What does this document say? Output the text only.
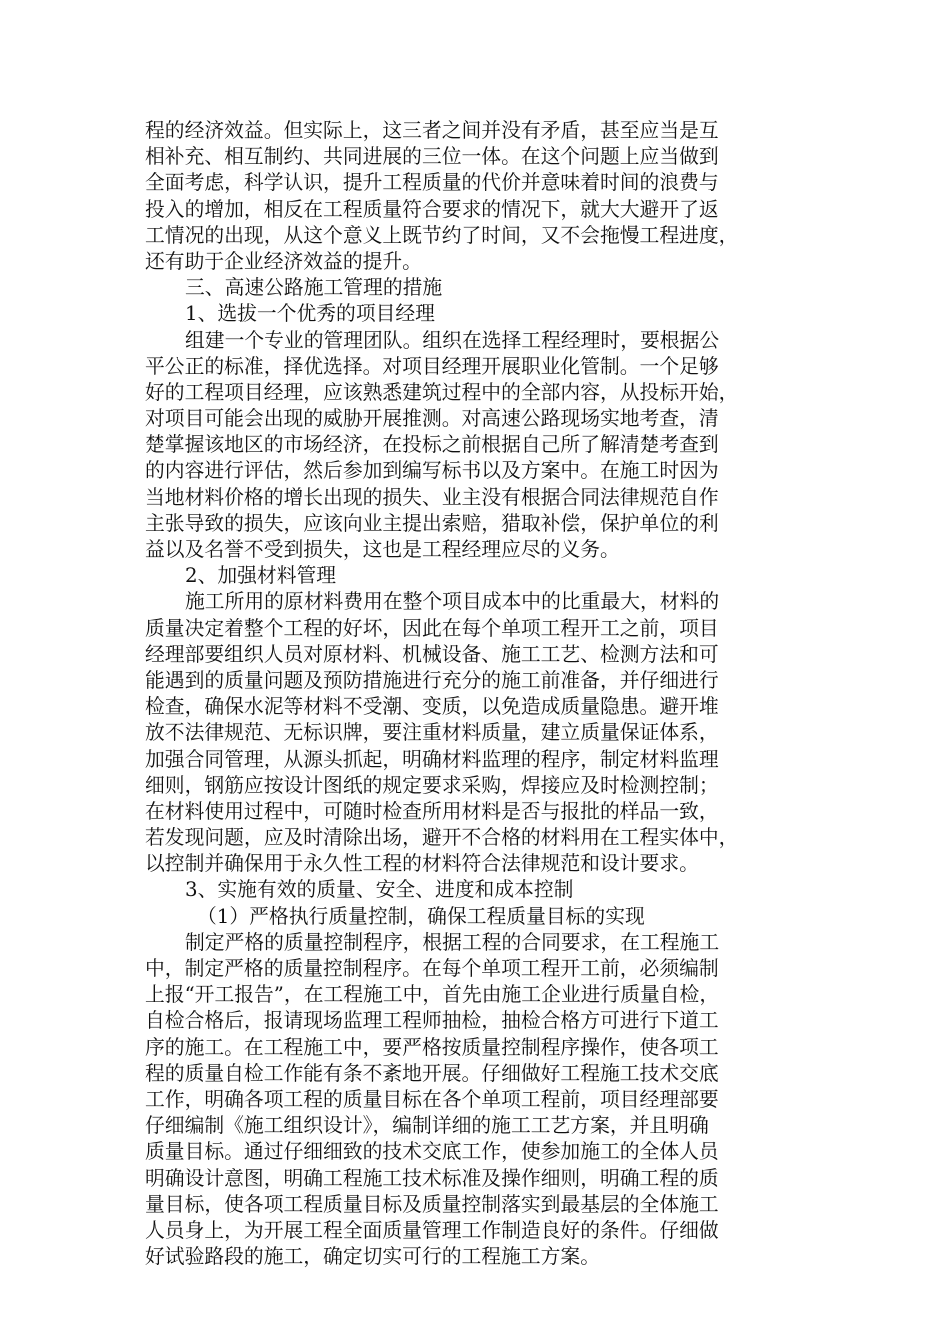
程的经济效益。但实际上，这三者之间并没有矛盾，甚至应当是互
相补充、相互制约、共同进展的三位一体。在这个问题上应当做到
全面考虑，科学认识，提升工程质量的代价并意味着时间的浪费与
投入的增加，相反在工程质量符合要求的情况下，就大大避开了返
工情况的出现，从这个意义上既节约了时间，又不会拖慢工程进度，
还有助于企业经济效益的提升。
三、高速公路施工管理的措施
1、选拔一个优秀的项目经理
组建一个专业的管理团队。组织在选择工程经理时，要根据公
平公正的标准，择优选择。对项目经理开展职业化管制。一个足够
好的工程项目经理，应该熟悉建筑过程中的全部内容，从投标开始，
对项目可能会出现的威胁开展推测。对高速公路现场实地考查，清
楚掌握该地区的市场经济，在投标之前根据自己所了解清楚考查到
的内容进行评估，然后参加到编写标书以及方案中。在施工时因为
当地材料价格的增长出现的损失、业主没有根据合同法律规范自作
主张导致的损失，应该向业主提出索赔，猎取补偿，保护单位的利
益以及名誉不受到损失，这也是工程经理应尽的义务。
2、加强材料管理
施工所用的原材料费用在整个项目成本中的比重最大，材料的
质量决定着整个工程的好坏，因此在每个单项工程开工之前，项目
经理部要组织人员对原材料、机械设备、施工工艺、检测方法和可
能遇到的质量问题及预防措施进行充分的施工前准备，并仔细进行
检查，确保水泥等材料不受潮、变质，以免造成质量隐患。避开堆
放不法律规范、无标识牌，要注重材料质量，建立质量保证体系，
加强合同管理，从源头抓起，明确材料监理的程序，制定材料监理
细则，钢筋应按设计图纸的规定要求采购，焊接应及时检测控制；
在材料使用过程中，可随时检查所用材料是否与报批的样品一致，
若发现问题，应及时清除出场，避开不合格的材料用在工程实体中，
以控制并确保用于永久性工程的材料符合法律规范和设计要求。
3、实施有效的质量、安全、进度和成本控制
（1）严格执行质量控制，确保工程质量目标的实现
制定严格的质量控制程序，根据工程的合同要求，在工程施工
中，制定严格的质量控制程序。在每个单项工程开工前，必须编制
上报“开工报告”，在工程施工中，首先由施工企业进行质量自检，
自检合格后，报请现场监理工程师抽检，抽检合格方可进行下道工
序的施工。在工程施工中，要严格按质量控制程序操作，使各项工
程的质量自检工作能有条不紊地开展。仔细做好工程施工技术交底
工作，明确各项工程的质量目标在各个单项工程前，项目经理部要
仔细编制《施工组织设计》，编制详细的施工工艺方案，并且明确
质量目标。通过仔细细致的技术交底工作，使参加施工的全体人员
明确设计意图，明确工程施工技术标准及操作细则，明确工程的质
量目标，使各项工程质量目标及质量控制落实到最基层的全体施工
人员身上，为开展工程全面质量管理工作制造良好的条件。仔细做
好试验路段的施工，确定切实可行的工程施工方案。
